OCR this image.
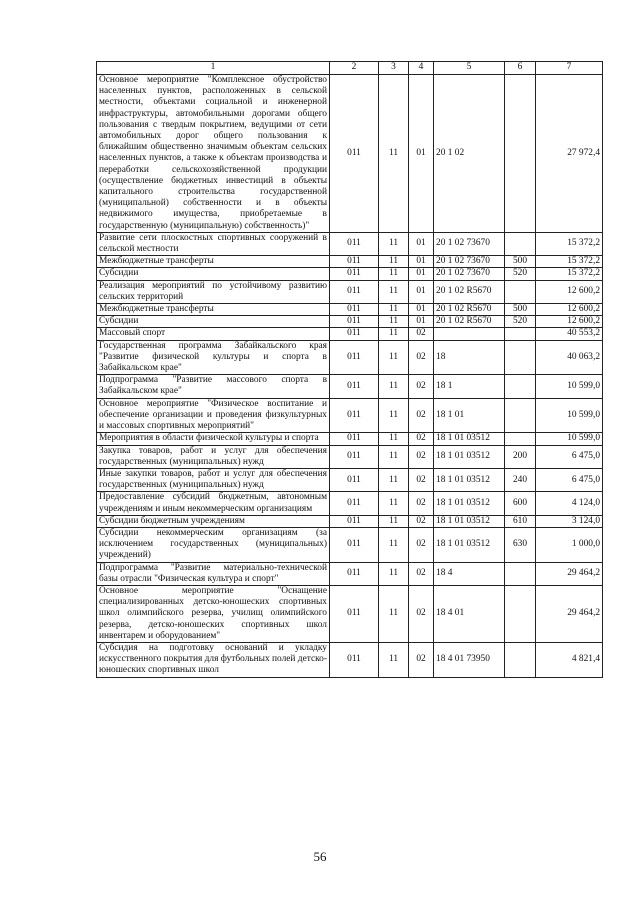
1	2	3	4	5	6	7
Основное мероприятие "Комплексное обустройство населенных пунктов, расположенных в сельской местности, объектами социальной и инженерной инфраструктуры, автомобильными дорогами общего пользования с твердым покрытием, ведущими от сети автомобильных дорог общего пользования к ближайшим общественно значимым объектам сельских населенных пунктов, а также к объектам производства и переработки сельскохозяйственной продукции (осуществление бюджетных инвестиций в объекты капитального строительства государственной (муниципальной) собственности и в объекты недвижимого имущества, приобретаемые в государственную (муниципальную) собственность)"	011	11	01	20 1 02		27 972,4
Развитие сети плоскостных спортивных сооружений в сельской местности	011	11	01	20 1 02 73670		15 372,2
Межбюджетные трансферты	011	11	01	20 1 02 73670	500	15 372,2
Субсидии	011	11	01	20 1 02 73670	520	15 372,2
Реализация мероприятий по устойчивому развитию сельских территорий	011	11	01	20 1 02 R5670		12 600,2
Межбюджетные трансферты	011	11	01	20 1 02 R5670	500	12 600,2
Субсидии	011	11	01	20 1 02 R5670	520	12 600,2
Массовый спорт	011	11	02			40 553,2
Государственная программа Забайкальского края "Развитие физической культуры и спорта в Забайкальском крае"	011	11	02	18		40 063,2
Подпрограмма "Развитие массового спорта в Забайкальском крае"	011	11	02	18 1		10 599,0
Основное мероприятие "Физическое воспитание и обеспечение организации и проведения физкультурных и массовых спортивных мероприятий"	011	11	02	18 1 01		10 599,0
Мероприятия в области физической культуры и спорта	011	11	02	18 1 01 03512		10 599,0
Закупка товаров, работ и услуг для обеспечения государственных (муниципальных) нужд	011	11	02	18 1 01 03512	200	6 475,0
Иные закупки товаров, работ и услуг для обеспечения государственных (муниципальных) нужд	011	11	02	18 1 01 03512	240	6 475,0
Предоставление субсидий бюджетным, автономным учреждениям и иным некоммерческим организациям	011	11	02	18 1 01 03512	600	4 124,0
Субсидии бюджетным учреждениям	011	11	02	18 1 01 03512	610	3 124,0
Субсидии некоммерческим организациям (за исключением государственных (муниципальных) учреждений)	011	11	02	18 1 01 03512	630	1 000,0
Подпрограмма "Развитие материально-технической базы отрасли "Физическая культура и спорт"	011	11	02	18 4		29 464,2
Основное мероприятие "Оснащение специализированных детско-юношеских спортивных школ олимпийского резерва, училищ олимпийского резерва, детско-юношеских спортивных школ инвентарем и оборудованием"	011	11	02	18 4 01		29 464,2
Субсидия на подготовку оснований и укладку искусственного покрытия для футбольных полей детско-юношеских спортивных школ	011	11	02	18 4 01 73950		4 821,4
56
